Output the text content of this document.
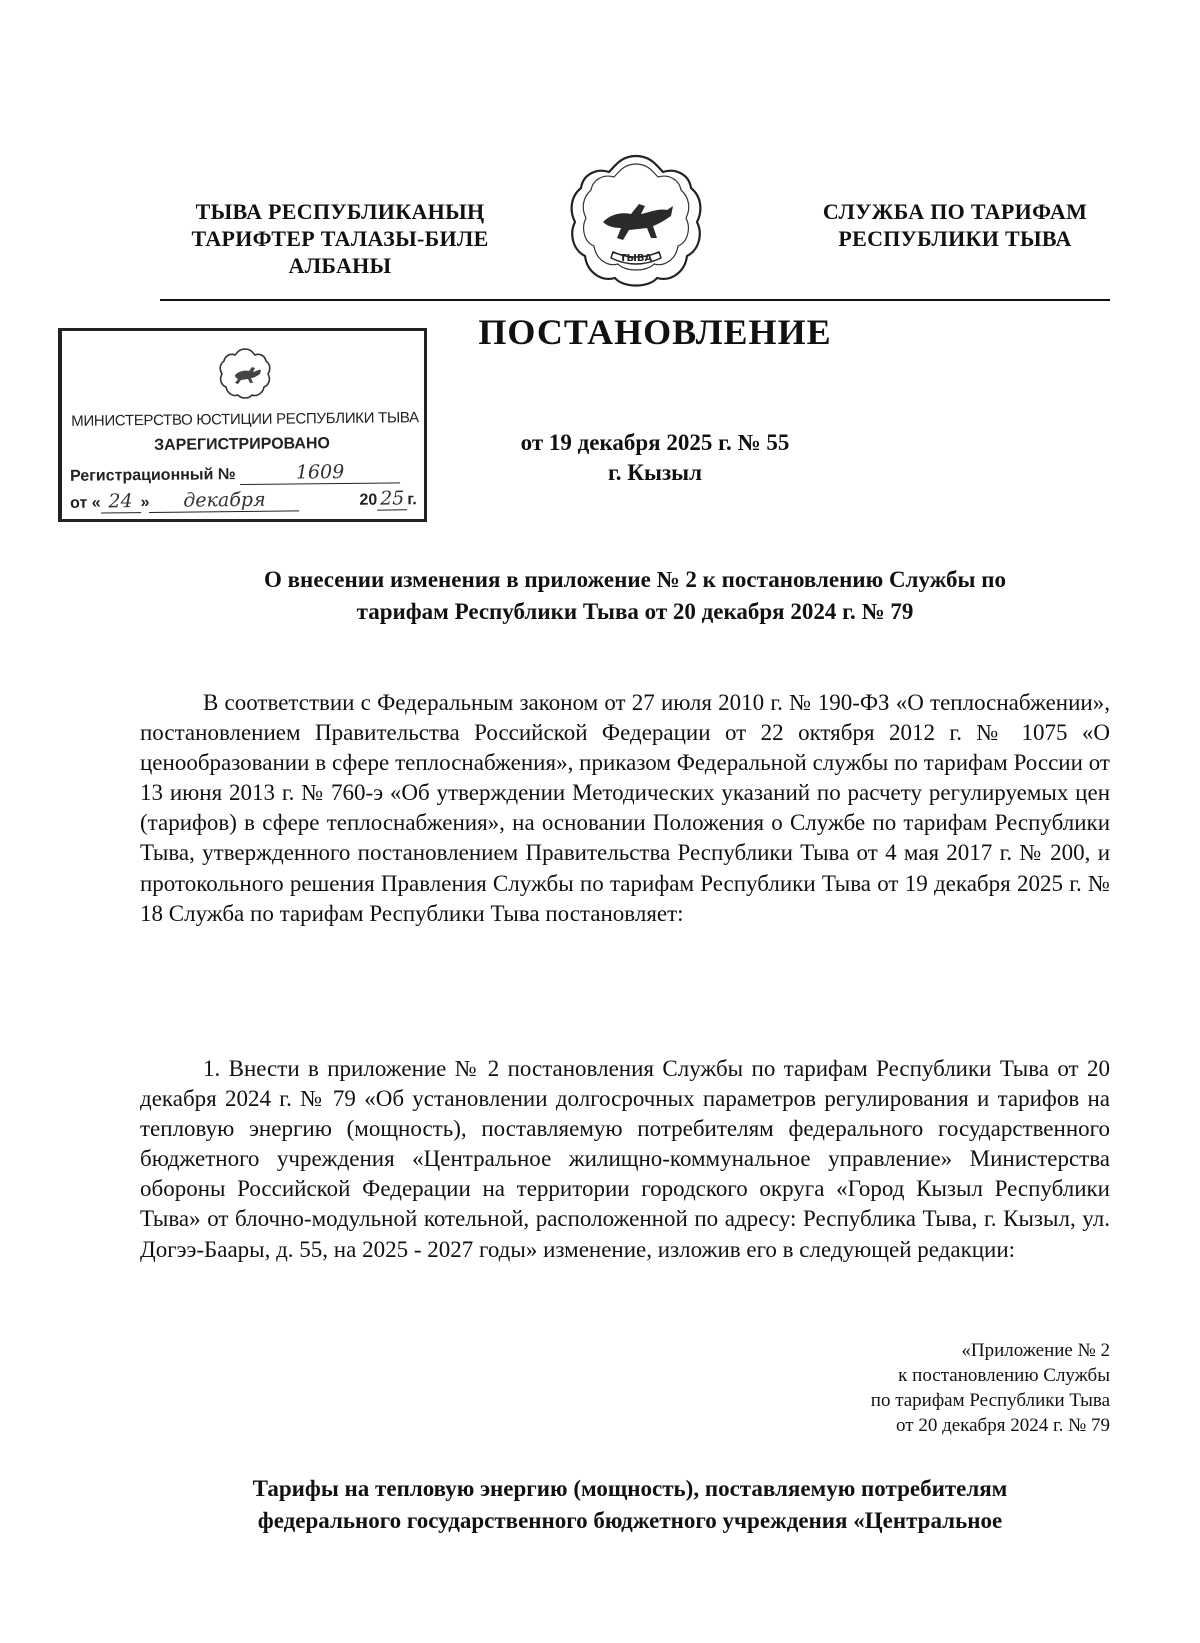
ТЫВА РЕСПУБЛИКАНЫҢ
ТАРИФТЕР ТАЛАЗЫ-БИЛЕ
АЛБАНЫ	ТЫВА
СЛУЖБА ПО ТАРИФАМ
РЕСПУБЛИКИ ТЫВА
ПОСТАНОВЛЕНИЕ
МИНИСТЕРСТВО ЮСТИЦИИ РЕСПУБЛИКИ ТЫВА
ЗАРЕГИСТРИРОВАНО
Регистрационный №	1609
от « 24 » декабря	20 25 г.
от 19 декабря 2025 г. № 55
г. Кызыл
О внесении изменения в приложение № 2 к постановлению Службы по
тарифам Республики Тыва от 20 декабря 2024 г. № 79
В соответствии с Федеральным законом от 27 июля 2010 г. № 190-ФЗ «О теплоснабжении», постановлением Правительства Российской Федерации от 22 октября 2012 г. № 1075 «О ценообразовании в сфере теплоснабжения», приказом Федеральной службы по тарифам России от 13 июня 2013 г. № 760-э «Об утверждении Методических указаний по расчету регулируемых цен (тарифов) в сфере теплоснабжения», на основании Положения о Службе по тарифам Республики Тыва, утвержденного постановлением Правительства Республики Тыва от 4 мая 2017 г. № 200, и протокольного решения Правления Службы по тарифам Республики Тыва от 19 декабря 2025 г. № 18 Служба по тарифам Республики Тыва постановляет:
1. Внести в приложение № 2 постановления Службы по тарифам Республики Тыва от 20 декабря 2024 г. № 79 «Об установлении долгосрочных параметров регулирования и тарифов на тепловую энергию (мощность), поставляемую потребителям федерального государственного бюджетного учреждения «Центральное жилищно-коммунальное управление» Министерства обороны Российской Федерации на территории городского округа «Город Кызыл Республики Тыва» от блочно-модульной котельной, расположенной по адресу: Республика Тыва, г. Кызыл, ул. Догээ-Баары, д. 55, на 2025 - 2027 годы» изменение, изложив его в следующей редакции:
«Приложение № 2
к постановлению Службы
по тарифам Республики Тыва
от 20 декабря 2024 г. № 79
Тарифы на тепловую энергию (мощность), поставляемую потребителям
федерального государственного бюджетного учреждения «Центральное
